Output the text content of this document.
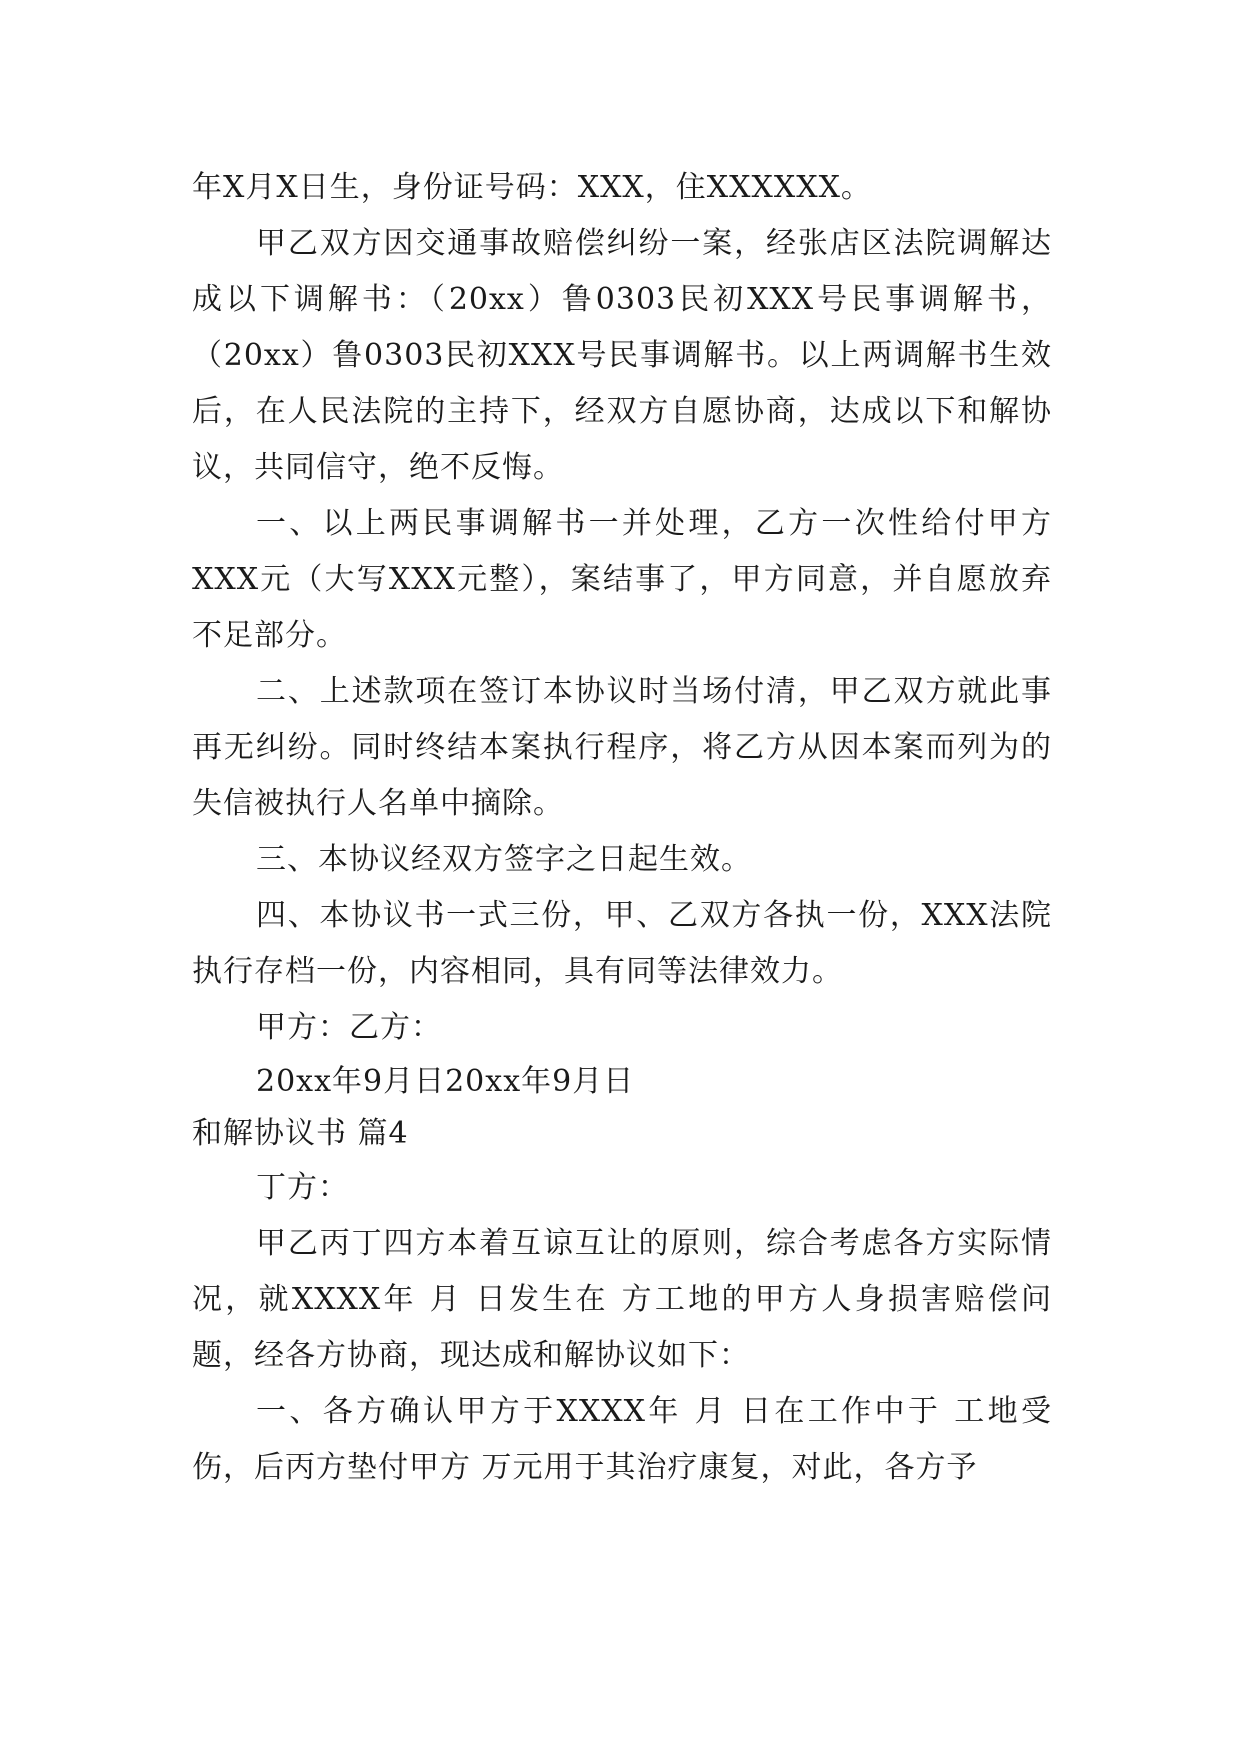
年X月X日生，身份证号码：XXX，住XXXXXX。

甲乙双方因交通事故赔偿纠纷一案，经张店区法院调解达成以下调解书：（20xx）鲁0303民初XXX号民事调解书，（20xx）鲁0303民初XXX号民事调解书。以上两调解书生效后，在人民法院的主持下，经双方自愿协商，达成以下和解协议，共同信守，绝不反悔。

一、以上两民事调解书一并处理，乙方一次性给付甲方XXX元（大写XXX元整），案结事了，甲方同意，并自愿放弃不足部分。

二、上述款项在签订本协议时当场付清，甲乙双方就此事再无纠纷。同时终结本案执行程序，将乙方从因本案而列为的失信被执行人名单中摘除。

三、本协议经双方签字之日起生效。

四、本协议书一式三份，甲、乙双方各执一份，XXX法院执行存档一份，内容相同，具有同等法律效力。

甲方：乙方：

20xx年9月日20xx年9月日

和解协议书 篇4

丁方：

甲乙丙丁四方本着互谅互让的原则，综合考虑各方实际情况，就XXXX年 月 日发生在 方工地的甲方人身损害赔偿问题，经各方协商，现达成和解协议如下：

一、各方确认甲方于XXXX年 月 日在工作中于 工地受伤，后丙方垫付甲方 万元用于其治疗康复，对此，各方予
